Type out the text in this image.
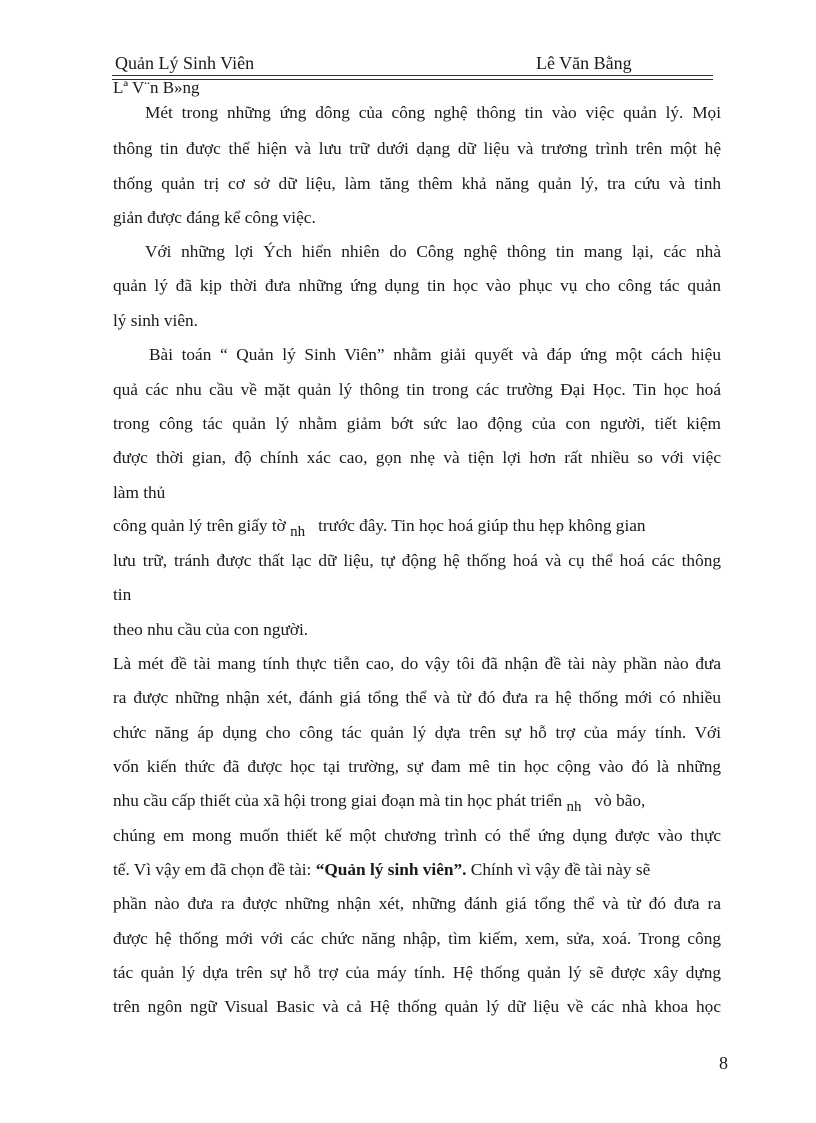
Quản Lý Sinh Viên	Lê Văn Bằng
Lª V¨n B»ng
Mét trong những ứng dông của công nghệ thông tin vào việc quản lý. Mọi
thông tin được thể hiện và lưu trữ dưới dạng dữ liệu và trương trình trên một hệ
thống quản trị cơ sở dữ liệu, làm tăng thêm khả năng quản lý, tra cứu và tinh
giản được đáng kể công việc.
Với những lợi Ých hiển nhiên do Công nghệ thông tin mang lại, các nhà
quản lý đã kịp thời đưa những ứng dụng tin học vào phục vụ cho công tác quản
lý sinh viên.
Bài toán “ Quản lý Sinh Viên” nhằm giải quyết và đáp ứng một cách hiệu
quả các nhu cầu về mặt quản lý thông tin trong các trường Đại Học. Tin học hoá
trong công tác quản lý nhằm giảm bớt sức lao động của con người, tiết kiệm
được thời gian, độ chính xác cao, gọn nhẹ và tiện lợi hơn rất nhiều so với việc
làm thủ
công quản lý trên giấy tờ nh trước đây. Tin học hoá giúp thu hẹp không gian
lưu trữ, tránh được thất lạc dữ liệu, tự động hệ thống hoá và cụ thể hoá các thông
tin
theo nhu cầu của con người.
Là mét đề tài mang tính thực tiễn cao, do vậy tôi đã nhận đề tài này phần nào đưa
ra được những nhận xét, đánh giá tổng thể và từ đó đưa ra hệ thống mới có nhiều
chức năng áp dụng cho công tác quản lý dựa trên sự hỗ trợ của máy tính. Với
vốn kiến thức đã được học tại trường, sự đam mê tin học cộng vào đó là những
nhu cầu cấp thiết của xã hội trong giai đoạn mà tin học phát triển nh vò bão,
chúng em mong muốn thiết kế một chương trình có thể ứng dụng được vào thực
tế. Vì vậy em đã chọn đề tài: “Quản lý sinh viên”. Chính vì vậy đề tài này sẽ
phần nào đưa ra được những nhận xét, những đánh giá tổng thể và từ đó đưa ra
được hệ thống mới với các chức năng nhập, tìm kiếm, xem, sửa, xoá. Trong công
tác quản lý dựa trên sự hỗ trợ của máy tính. Hệ thống quản lý sẽ được xây dựng
trên ngôn ngữ Visual Basic và cả Hệ thống quản lý dữ liệu về các nhà khoa học
8
